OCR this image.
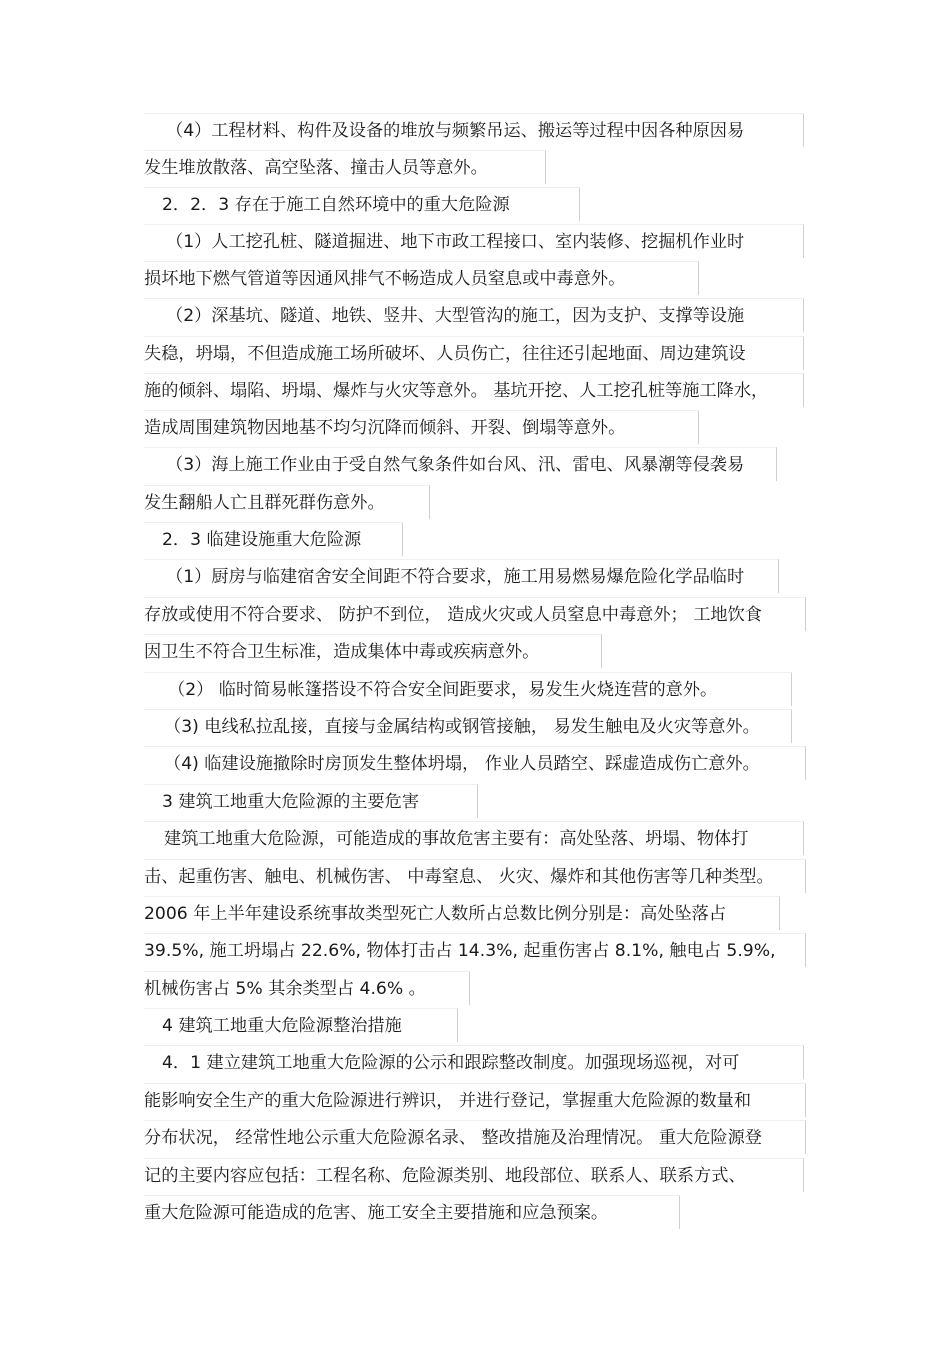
（4）工程材料、构件及设备的堆放与频繁吊运、搬运等过程中因各种原因易
发生堆放散落、高空坠落、撞击人员等意外。
2．2．3 存在于施工自然环境中的重大危险源
（1）人工挖孔桩、隧道掘进、地下市政工程接口、室内装修、挖掘机作业时
损坏地下燃气管道等因通风排气不畅造成人员窒息或中毒意外。
（2）深基坑、隧道、地铁、竖井、大型管沟的施工，因为支护、支撑等设施
失稳，坍塌，不但造成施工场所破坏、人员伤亡，往往还引起地面、周边建筑设
施的倾斜、塌陷、坍塌、爆炸与火灾等意外。 基坑开挖、人工挖孔桩等施工降水，
造成周围建筑物因地基不均匀沉降而倾斜、开裂、倒塌等意外。
（3）海上施工作业由于受自然气象条件如台风、汛、雷电、风暴潮等侵袭易
发生翻船人亡且群死群伤意外。
2．3 临建设施重大危险源
（1）厨房与临建宿舍安全间距不符合要求，施工用易燃易爆危险化学品临时
存放或使用不符合要求、 防护不到位， 造成火灾或人员窒息中毒意外； 工地饮食
因卫生不符合卫生标准，造成集体中毒或疾病意外。
（2） 临时简易帐篷搭设不符合安全间距要求，易发生火烧连营的意外。
（3) 电线私拉乱接，直接与金属结构或钢管接触， 易发生触电及火灾等意外。
（4) 临建设施撤除时房顶发生整体坍塌， 作业人员踏空、踩虚造成伤亡意外。
3 建筑工地重大危险源的主要危害
建筑工地重大危险源，可能造成的事故危害主要有：高处坠落、坍塌、物体打
击、起重伤害、触电、机械伤害、 中毒窒息、 火灾、爆炸和其他伤害等几种类型。
2006 年上半年建设系统事故类型死亡人数所占总数比例分别是：高处坠落占
39.5%, 施工坍塌占 22.6%, 物体打击占 14.3%, 起重伤害占 8.1%, 触电占 5.9%,
机械伤害占 5% 其余类型占 4.6% 。
4 建筑工地重大危险源整治措施
4．1 建立建筑工地重大危险源的公示和跟踪整改制度。加强现场巡视，对可
能影响安全生产的重大危险源进行辨识， 并进行登记，掌握重大危险源的数量和
分布状况， 经常性地公示重大危险源名录、 整改措施及治理情况。 重大危险源登
记的主要内容应包括：工程名称、危险源类别、地段部位、联系人、联系方式、
重大危险源可能造成的危害、施工安全主要措施和应急预案。
